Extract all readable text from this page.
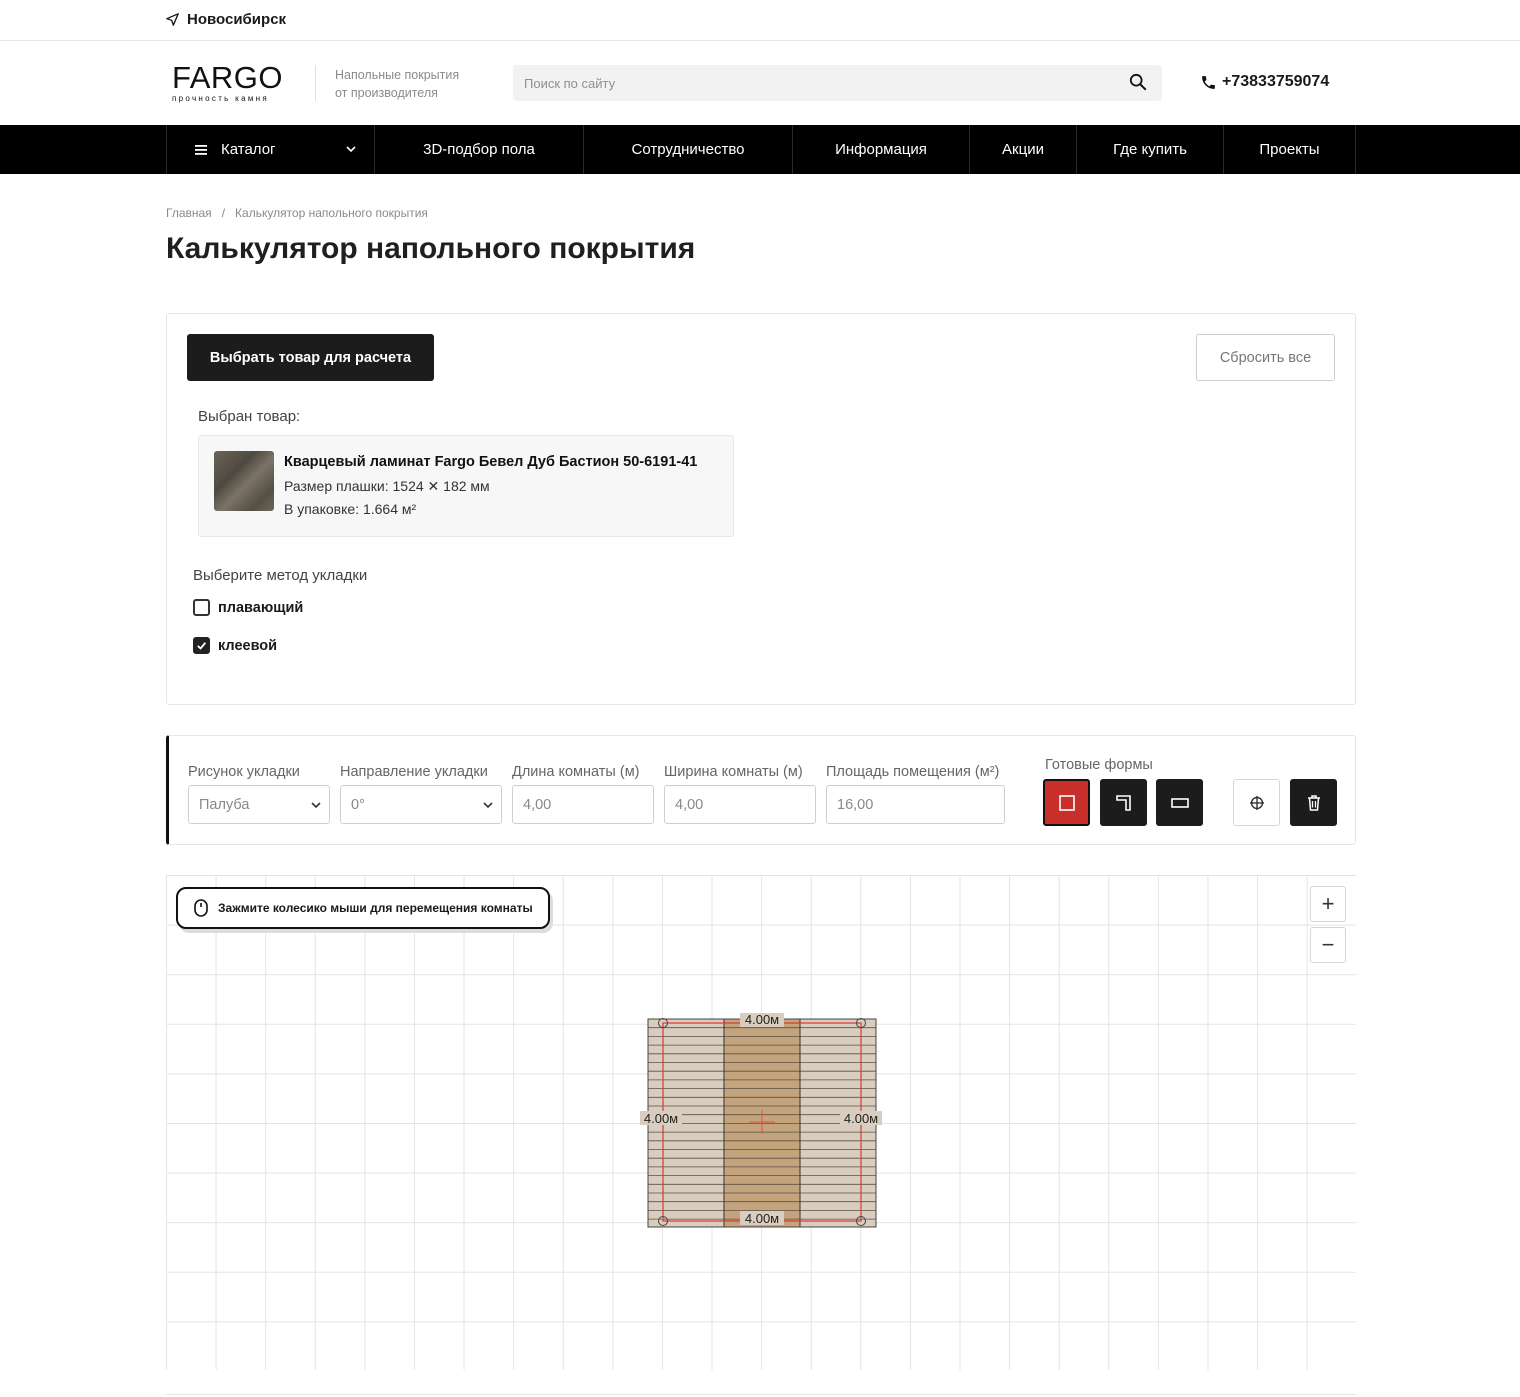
Новосибирск
FARGO
прочность камня
Напольные покрытия
от производителя
Поиск по сайту
+73833759074
Каталог	3D-подбор пола	Сотрудничество	Информация	Акции	Где купить	Проекты
Главная / Калькулятор напольного покрытия
Калькулятор напольного покрытия
Выбрать товар для расчета	Сбросить все
Выбран товар:
Кварцевый ламинат Fargo Бевел Дуб Бастион 50-6191-41
Размер плашки: 1524 ✕ 182 мм
В упаковке: 1.664 м²
Выберите метод укладки
плавающий
клеевой
Рисунок укладки
Палуба
Направление укладки
0°
Длина комнаты (м)
4,00
Ширина комнаты (м)
4,00
Площадь помещения (м²)
16,00
Готовые формы
Зажмите колесико мыши для перемещения комнаты	+
−
4.00м
4.00м
4.00м	4.00м
